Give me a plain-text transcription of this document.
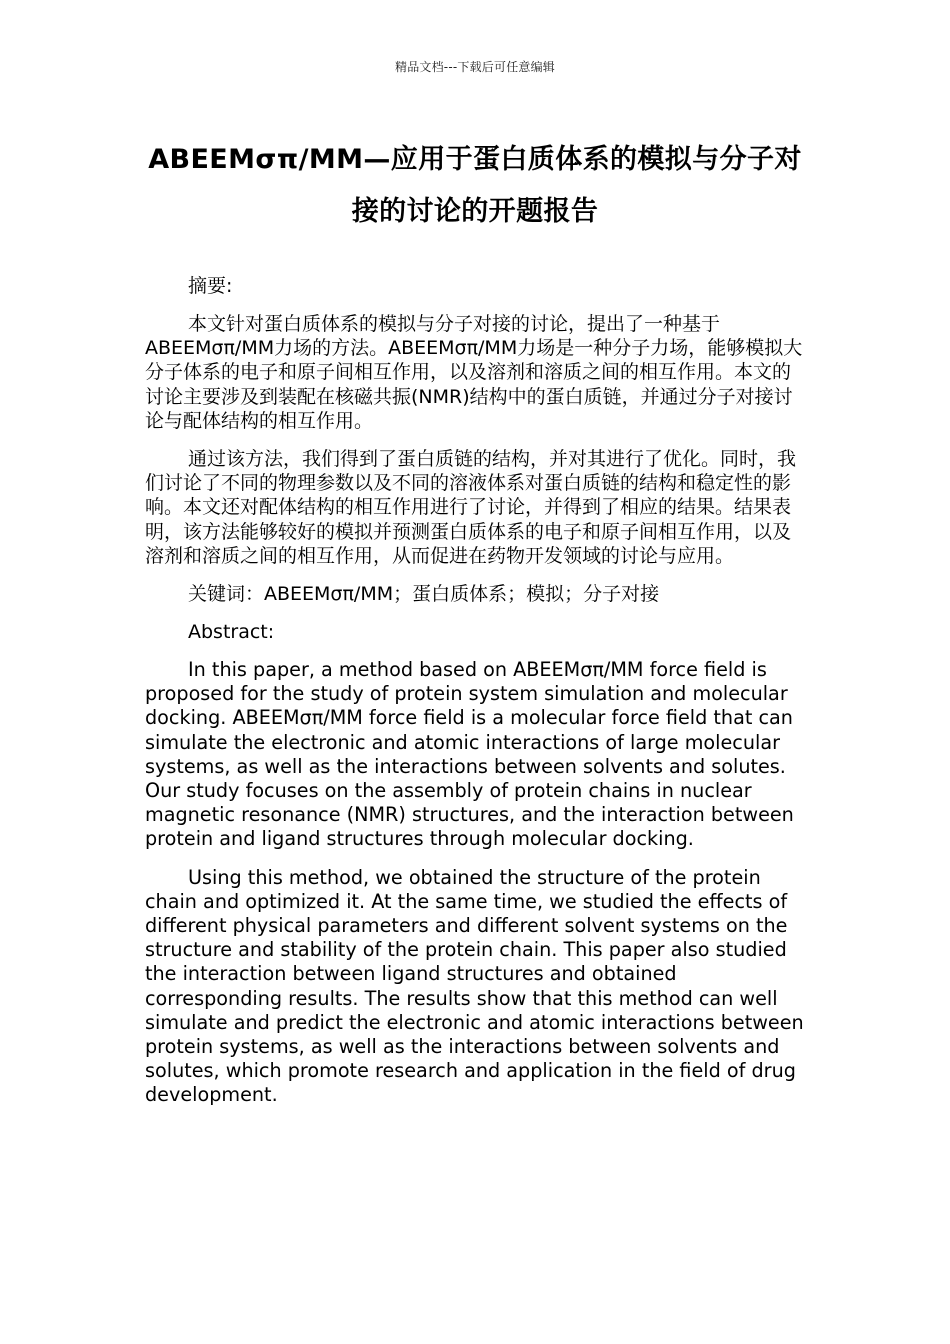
精品文档---下载后可任意编辑
ABEEMσπ/MM—应用于蛋白质体系的模拟与分子对
接的讨论的开题报告

摘要:

本文针对蛋白质体系的模拟与分子对接的讨论，提出了一种基于ABEEMσπ/MM力场的方法。ABEEMσπ/MM力场是一种分子力场，能够模拟大分子体系的电子和原子间相互作用，以及溶剂和溶质之间的相互作用。本文的讨论主要涉及到装配在核磁共振(NMR)结构中的蛋白质链，并通过分子对接讨论与配体结构的相互作用。

通过该方法，我们得到了蛋白质链的结构，并对其进行了优化。同时，我们讨论了不同的物理参数以及不同的溶液体系对蛋白质链的结构和稳定性的影响。本文还对配体结构的相互作用进行了讨论，并得到了相应的结果。结果表明，该方法能够较好的模拟并预测蛋白质体系的电子和原子间相互作用，以及溶剂和溶质之间的相互作用，从而促进在药物开发领域的讨论与应用。

关键词：ABEEMσπ/MM；蛋白质体系；模拟；分子对接

Abstract:

In this paper, a method based on ABEEMσπ/MM force field is proposed for the study of protein system simulation and molecular docking. ABEEMσπ/MM force field is a molecular force field that can simulate the electronic and atomic interactions of large molecular systems, as well as the interactions between solvents and solutes. Our study focuses on the assembly of protein chains in nuclear magnetic resonance (NMR) structures, and the interaction between protein and ligand structures through molecular docking.

Using this method, we obtained the structure of the protein chain and optimized it. At the same time, we studied the effects of different physical parameters and different solvent systems on the structure and stability of the protein chain. This paper also studied the interaction between ligand structures and obtained corresponding results. The results show that this method can well simulate and predict the electronic and atomic interactions between protein systems, as well as the interactions between solvents and solutes, which promote research and application in the field of drug development.
